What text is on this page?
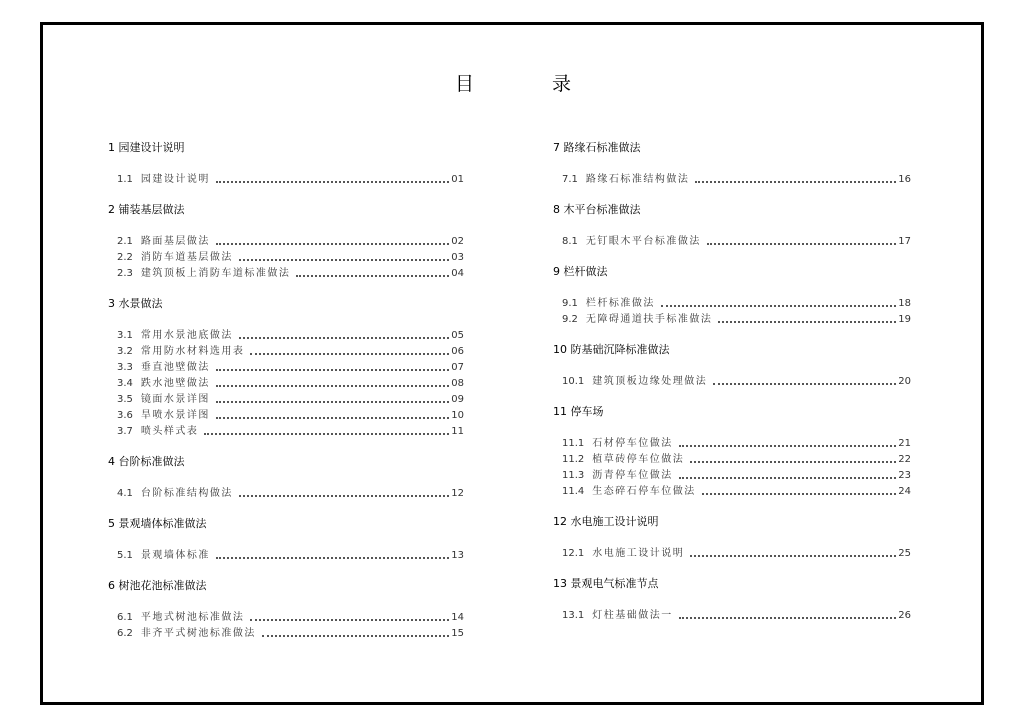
目	录
1 园建设计说明
1.1 园建设计说明	01
2 铺装基层做法
2.1 路面基层做法	02
2.2 消防车道基层做法	03
2.3 建筑顶板上消防车道标准做法	04
3 水景做法
3.1 常用水景池底做法	05
3.2 常用防水材料选用表	06
3.3 垂直池壁做法	07
3.4 跌水池壁做法	08
3.5 镜面水景详图	09
3.6 旱喷水景详图	10
3.7 喷头样式表	11
4 台阶标准做法
4.1 台阶标准结构做法	12
5 景观墙体标准做法
5.1 景观墙体标准	13
6 树池花池标准做法
6.1 平地式树池标准做法	14
6.2 非齐平式树池标准做法	15
7 路缘石标准做法
7.1 路缘石标准结构做法	16
8 木平台标准做法
8.1 无钉眼木平台标准做法	17
9 栏杆做法
9.1 栏杆标准做法	18
9.2 无障碍通道扶手标准做法	19
10 防基础沉降标准做法
10.1 建筑顶板边缘处理做法	20
11 停车场
11.1 石材停车位做法	21
11.2 植草砖停车位做法	22
11.3 沥青停车位做法	23
11.4 生态碎石停车位做法	24
12 水电施工设计说明
12.1 水电施工设计说明	25
13 景观电气标准节点
13.1 灯柱基础做法一	26
